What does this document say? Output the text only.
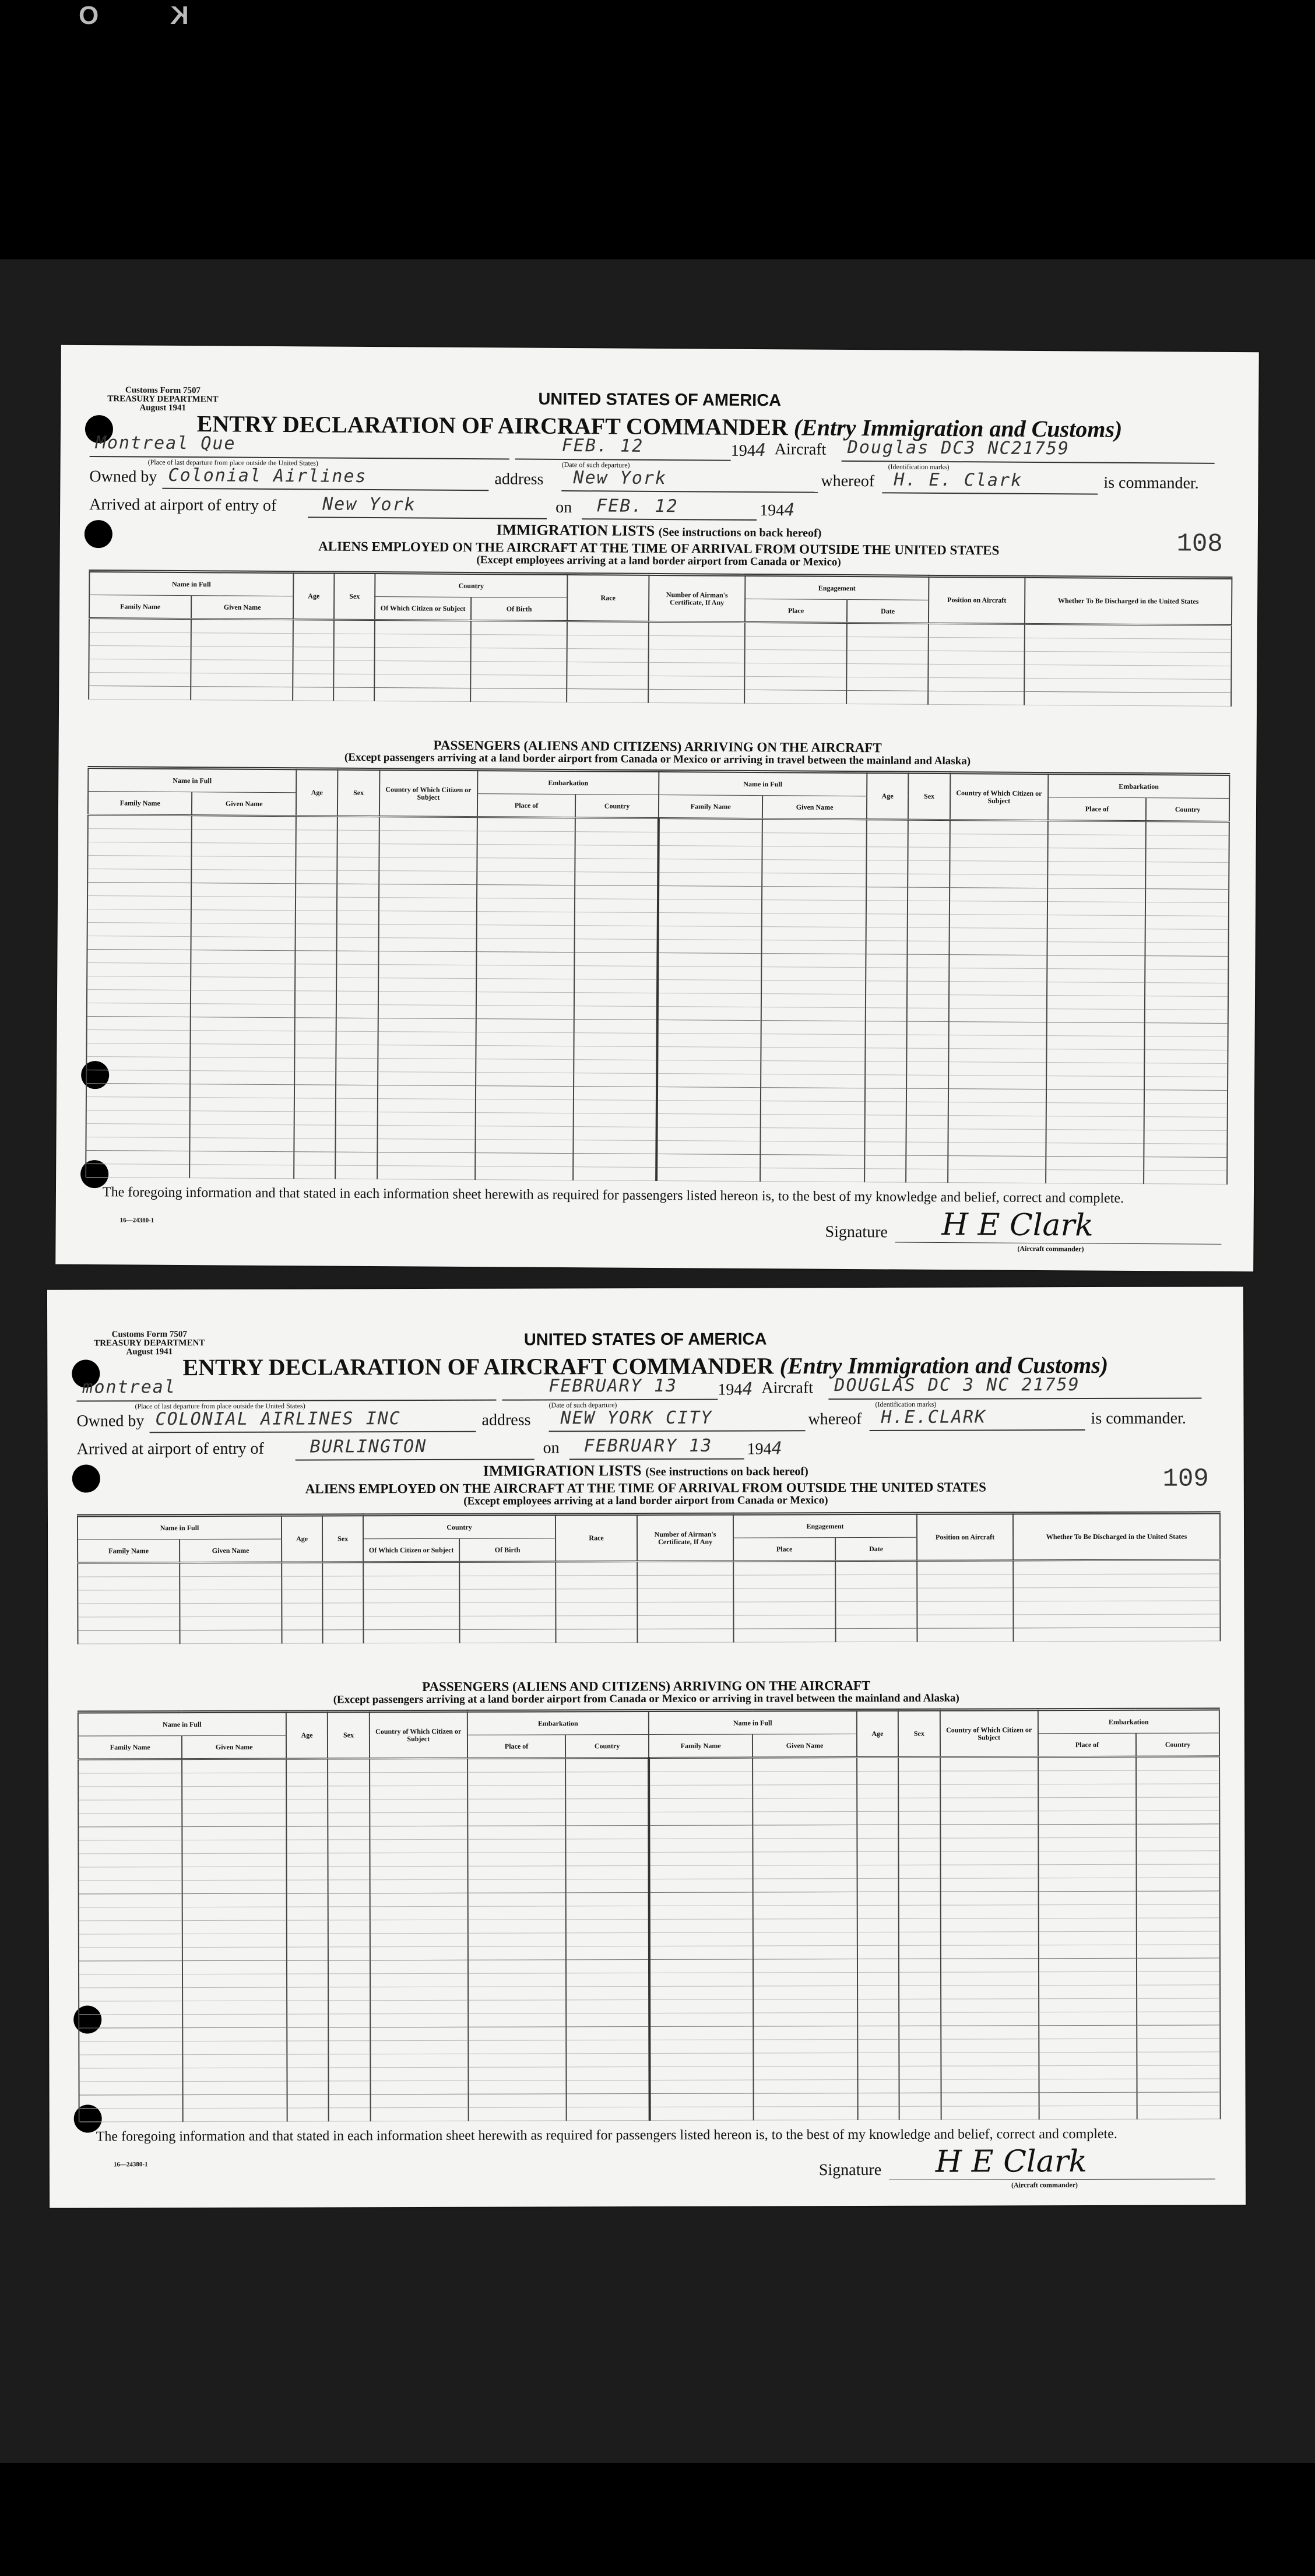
O	K
Customs Form 7507
TREASURY DEPARTMENT
August 1941	UNITED STATES OF AMERICA
ENTRY DECLARATION OF AIRCRAFT COMMANDER (Entry Immigration and Customs)
Montreal Que
(Place of last departure from place outside the United States)
FEB. 12
(Date of such departure)
1944 Aircraft Douglas DC3 NC21759
(Identification marks)
Owned by Colonial Airlines	address New York	whereof H. E. Clark	is commander.
Arrived at airport of entry of	New York	on FEB. 12	1944
IMMIGRATION LISTS (See instructions on back hereof)	108
ALIENS EMPLOYED ON THE AIRCRAFT AT THE TIME OF ARRIVAL FROM OUTSIDE THE UNITED STATES
(Except employees arriving at a land border airport from Canada or Mexico)
Name in Full		Age	Sex	Country		Race	Number of Airman's Certificate, If Any	Engagement		Position on Aircraft	Whether To Be Discharged in the United States
Family Name	Given Name			Of Which Citizen or Subject	Of Birth			Place	Date		

PASSENGERS (ALIENS AND CITIZENS) ARRIVING ON THE AIRCRAFT
(Except passengers arriving at a land border airport from Canada or Mexico or arriving in travel between the mainland and Alaska)
Name in Full		Age	Sex	Country of Which Citizen or Subject	Embarkation		Name in Full		Age	Sex	Country of Which Citizen or Subject	Embarkation	
Family Name	Given Name				Place of	Country	Family Name	Given Name				Place of	Country

The foregoing information and that stated in each information sheet herewith as required for passengers listed hereon is, to the best of my knowledge and belief, correct and complete.
16—24380-1
Signature H E Clark
(Aircraft commander)
Customs Form 7507
TREASURY DEPARTMENT
August 1941
UNITED STATES OF AMERICA
ENTRY DECLARATION OF AIRCRAFT COMMANDER (Entry Immigration and Customs)
montreal
(Place of last departure from place outside the United States)
FEBRUARY 13
(Date of such departure)
1944 Aircraft DOUGLAS DC 3 NC 21759
(Identification marks)
Owned by COLONIAL AIRLINES INC	address NEW YORK CITY	whereof H.E.CLARK	is commander.
Arrived at airport of entry of	BURLINGTON	on FEBRUARY 13 1944
IMMIGRATION LISTS (See instructions on back hereof)	109
ALIENS EMPLOYED ON THE AIRCRAFT AT THE TIME OF ARRIVAL FROM OUTSIDE THE UNITED STATES
(Except employees arriving at a land border airport from Canada or Mexico)
Name in Full		Age	Sex	Country		Race	Number of Airman's Certificate, If Any	Engagement		Position on Aircraft	Whether To Be Discharged in the United States
Family Name	Given Name			Of Which Citizen or Subject	Of Birth			Place	Date		

PASSENGERS (ALIENS AND CITIZENS) ARRIVING ON THE AIRCRAFT
(Except passengers arriving at a land border airport from Canada or Mexico or arriving in travel between the mainland and Alaska)
Name in Full		Age	Sex	Country of Which Citizen or Subject	Embarkation		Name in Full		Age	Sex	Country of Which Citizen or Subject	Embarkation	
Family Name	Given Name				Place of	Country	Family Name	Given Name				Place of	Country

The foregoing information and that stated in each information sheet herewith as required for passengers listed hereon is, to the best of my knowledge and belief, correct and complete.
16—24380-1	Signature H E Clark
(Aircraft commander)
